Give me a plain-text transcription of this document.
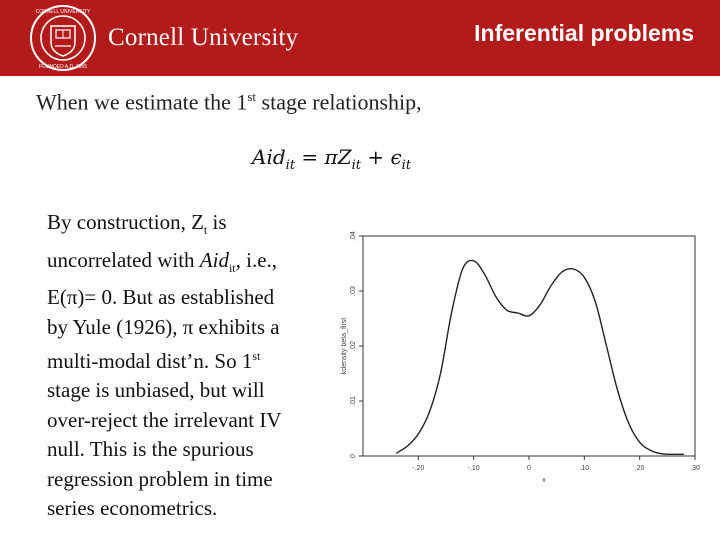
CORNELL UNIVERSITY
FOUNDED A.D. 1865
Cornell University	Inferential problems
When we estimate the 1st stage relationship,
$Aid_{it} = \pi Z_{it} + \epsilon_{it}$
By construction, $Z_t$ is
uncorrelated with Aid$_{it}$, i.e.,
E(π)= 0. But as established
by Yule (1926), π exhibits a
multi-modal dist’n. So 1st
stage is unbiased, but will
over-reject the irrelevant IV
null. This is the spurious
regression problem in time
series econometrics.
0
.01
.02
.03
.04
-.20	-.10	0	.10	.20	.30
x
kdensity beta_first
